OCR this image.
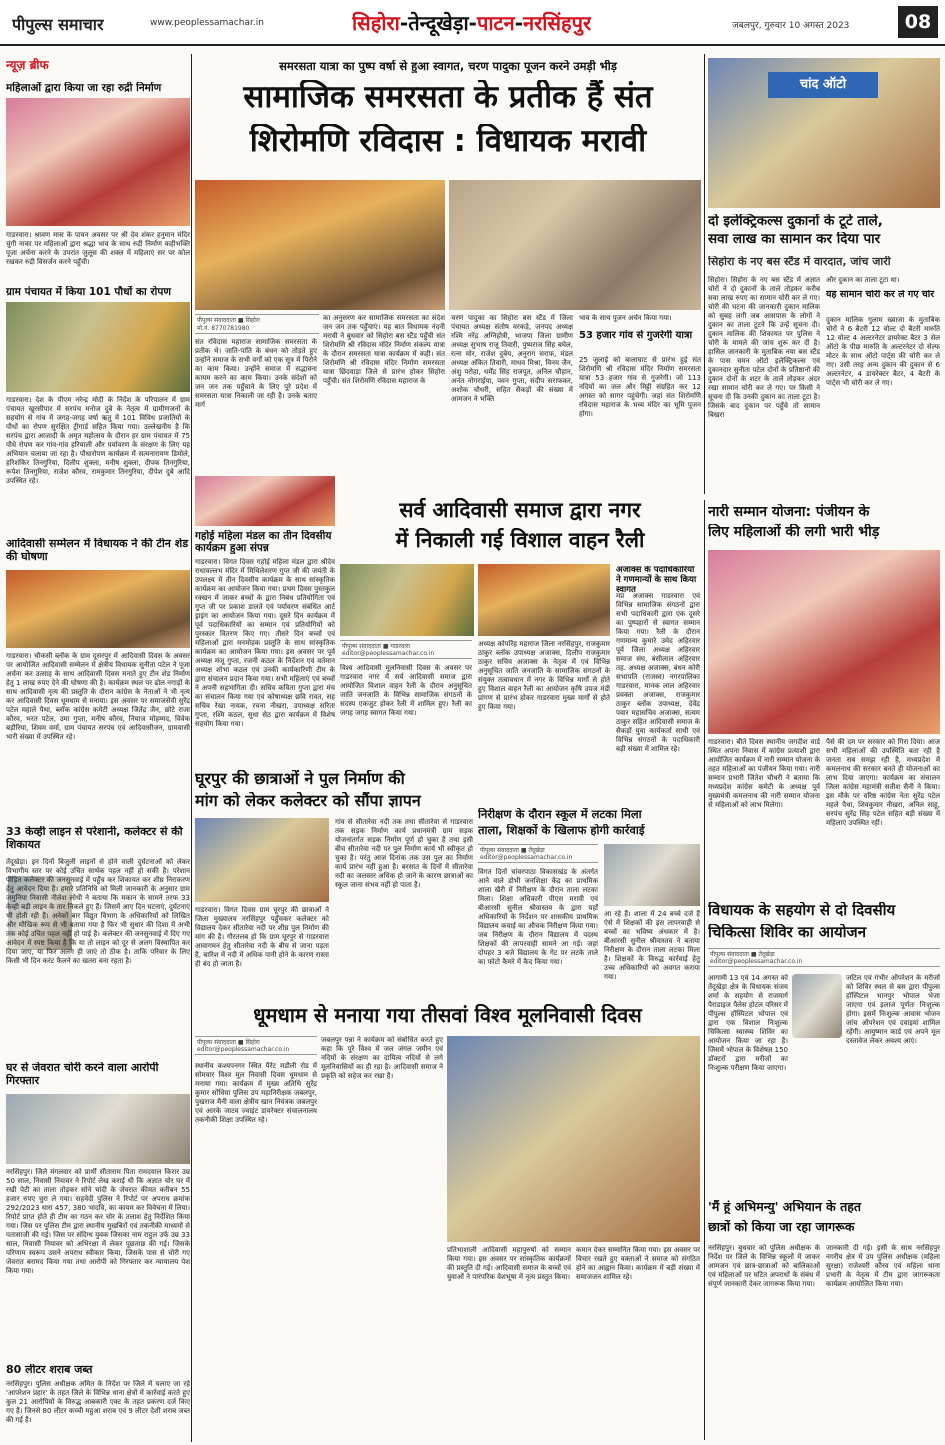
पीपुल्स समाचार	www.peoplessamachar.in	सिहोरा-तेन्दूखेड़ा-पाटन-नरसिंहपुर	जबलपुर, गुरुवार 10 अगस्त 2023	08
न्यूज़ ब्रीफ
महिलाओं द्वारा किया जा रहा रुद्री निर्माण
गाडरवारा। श्रावण मास के पावन अवसर पर श्री देव शंकर हनुमान मंदिर चुंगी नाका पर महिलाओं द्वारा श्रद्धा भाव के साथ रुद्री निर्माण कहीभक्ति पूजा अर्चना करने के उपरांत जुलूस की शक्ल में महिलाएं सर पर कोल रखकर रुद्री विसर्जन करने पहुँची।
ग्राम पंचायत में किया 101 पौधों का रोपण
गाडरवारा। देश के पीएम नरेन्द्र मोदी के निर्देश के परिपालन में ग्राम पंचायत खुरसीपार में सरपंच मनोज दुबे के नेतृत्व में ग्रामीणजनों के सहयोग से गांव में जगह-जगह वर्षा ऋतु में 101 विविध प्रजातियों के पौधों का रोपण सुरक्षित ट्रीगार्ड सहित किया गया। उल्लेखनीय है कि सरपंच द्वारा आजादी के अमृत महोत्सव के दौरान हर ग्राम पंचायत में 75 पौधे रोपण कर गांव-गांव हरियाली और पर्यावरण के संरक्षण के लिए यह अभियान चलाया जा रहा है। पौधारोपण कार्यक्रम में सत्यनारायण डिमोले, हरिशंकिर तिनगुरिया, दिलीप शुक्ला, मनीष शुक्ला, दीपक तिनगुरिया, रूपेश तिनगुरिया, राजेश कौरव, रामकुमार तिनगुरिया, दीपेश दुबे आदि उपस्थित रहे।
आदिवासी सम्मेलन में विधायक ने की टीन शेड की घोषणा
गाडरवारा। चौकसी ब्लॉक के ग्राम दूसरपुर में आदिवासी दिवस के अवसर पर आयोजित आदिवासी सम्मेलन में क्षेत्रीय विधायक सुनीता पटेल ने पूजा अर्चना कर उत्साह के साथ आदिवासी दिवस मनाते हुए टीन शेड निर्माण हेतु 1 लाख रुपए देने की घोषणा की है। कार्यक्रम स्थल पर ढोल नगाड़ों के साथ आदिवासी नृत्य की प्रस्तुति के दौरान कांग्रेस के नेताओं ने भी नृत्य कर आदिवासी दिवस धूमधाम से मनाया। इस अवसर पर समाजसेवी सुरेंद्र पटेल महाले पैथा, ब्लॉक कांग्रेस कमेटी अध्यक्ष जितेंद्र जैन, छोटे राजा कौरव, भरत पटेल, उमा गुप्ता, मनीष कौरव, नियाज मोहम्मद, विवेक बड़ौरिया, शिवम वर्मा, ग्राम पंचायत सरपंच एवं आदिवासीजन, ग्रामवासी भारी संख्या में उपस्थित रहे।
33 केव्ही लाइन से परेशानी, कलेक्टर से की शिकायत
तेंदूखेड़ा। इन दिनों बिजुली लाइनों से होने वाली दुर्घटनाओं को लेकर विभागीय स्तर पर कोई उचित सार्थक पहल नहीं हो सकी है। परेशान पीड़ित कलेक्टर की जनसुनवाई में पहुँच कर शिकायत कर शीघ्र निराकरण हेतु आवेदन दिया है। हमारे प्रतिनिधि को मिली जानकारी के अनुसार ग्राम जमुनिया निवासी नीलेश लोधी ने बताया कि मकान के सामने तरफ 33 केव्ही बड़ी लाइन के तार निकले हुए हैं। जिसमें आए दिन घटनाएं, दुर्घटनाएं भी होती रही हैं। अनेकों बार विद्युत विभाग के अधिकारियों को लिखित और मौखिक रूप से भी बताया गया है फिर भी सुधार की दिशा में अभी तक कोई उचित पहल नहीं हो पाई है। कलेक्टर की जनसुनवाई में दिए गए आवेदन में स्पष्ट किया है कि या तो लाइन को दूर से अलग विस्थापित कर दिया जाए, या फिर अलग ही जाएं तो ठीक है। ताकि परिवार के लिए किसी भी दिन करंट फैलने का खतरा बना रहता है।
घर से जेवरात चोरी करने वाला आरोपी गिरफ्तार
नरसिंहपुर। जिले मंगलवार को प्रार्थी सीताराम पिता रामदयाल किरार उम्र 50 साल, निवासी नियावर ने रिपोर्ट लेख कराई थी कि अज्ञात चोर घर में रखी पेटी का ताला तोड़कर सोने चांदी के जेवरात कीमत करीबन 55 हजार रुपए चुरा ले गया। सहवेदी पुलिस ने रिपोर्ट पर अपराध क्रमांक 292/2023 धारा 457, 380 भादवि, का कायम कर विवेचना में लिया। रिपोर्ट प्राप्त होते ही टीम का गठन कर चोर के तलाश हेतु निर्देशित किया गया। जिस पर पुलिस टीम द्वारा स्थानीय मुखबिरों एवं तकनीकी माध्यमों से पतासाजी की गई। जिस पर संदिग्ध युवक जिसका नाम राहुल उर्फ उम्र 33 साल, निवासी नियावर को अभिरक्षा में लेकर पूछताछ की गई। जिसके परिणाम स्वरूप उसने अपराध स्वीकार किया, जिसके पास से चोरी गए जेवरात बरामद किया गया तथा आरोपी को गिरफ्तार कर न्यायालय पेश किया गया।
80 लीटर शराब जब्त
नरसिंहपुर। पुलिस अधीक्षक अमित के निर्देश पर जिले में चलाए जा रहे 'आपरेशन प्रहार' के तहत जिले के विभिन्न थाना क्षेत्रों में कार्रवाई करते हुए कुल 21 आरोपियों के विरुद्ध आबकारी एक्ट के तहत प्रकरण दर्ज किए गए हैं। जिनसे 80 लीटर कच्ची महुआ शराब एवं 9 लीटर देशी शराब जब्त की गई है।
समरसता यात्रा का पुष्प वर्षा से हुआ स्वागत, चरण पादुका पूजन करने उमड़ी भीड़
सामाजिक समरसता के प्रतीक हैं संत
शिरोमणि रविदास : विधायक मरावी
पीपुल्स संवाददाता ■ सिहोरा
मो.नं. 8770781980
संत रविदास महाराज सामाजिक समरसता के प्रतीक थे। जाति-पांति के बंधन को तोड़ते हुए उन्होंने समाज के सभी वर्गों को एक सूत्र में पिरोने का काम किया। उन्होंने समाज में सद्भावना कायम करने का काम किया। उनके संदेशों को जन जन तक पहुँचाने के लिए पूरे प्रदेश में समरसता यात्रा निकाली जा रही है। उनके बताए मार्ग
का अनुसरण कर सामाजिक समरसता का संदेश जन जन तक पहुँचाएं। यह बात विधायक नंदनी मरावी ने बुधवार को सिहोरा बस स्टैंड पहुँची संत शिरोमणि श्री रविदास मंदिर निर्माण संकल्प यात्रा के दौरान समरसता यात्रा कार्यक्रम में कही। संत शिरोमणि श्री रविदास मंदिर निर्माण समरसता यात्रा छिंदवाड़ा जिले से प्रारंभ होकर सिहोरा पहुँची। संत शिरोमणि रविदास महाराज के
चरण पादुका का सिहोरा बस स्टैंड में जिला पंचायत अध्यक्ष संतोष वरकड़े, जनपद अध्यक्ष रश्मि नरेंद्र अग्निहोत्री, भाजपा जिला ग्रामीण अध्यक्ष सुभाष राजू तिवारी, पुष्पराज सिंह बघेल, रत्ना मोर, राजेश दुबेय, अनुराग सराफ, मंडल अध्यक्ष अंकित तिवारी, माधव मिश्रा, विनय जैन, अंशु परोहा, धर्मेंद्र सिंह राजपूत, अनिल चौहान, अनंत नोगराईया, पवन गुप्ता, संदीप सराफकर, अशोक चौधरी, सहित सैकड़ों की संख्या में आमजन ने भक्ति
भाव के साथ पूजन अर्चन किया गया।
53 हजार गांव से गुजरेगी यात्रा
25 जुलाई को बालाघाट से प्रारंभ हुई संत शिरोमणि श्री रविदास मंदिर निर्माण समरसता यात्रा 53 हजार गांव से गुजरेगी। जो 113 नदियों का जल और मिट्टी संग्रहित कर 12 अगस्त को सागर पहुंचेगी। जहां संत शिरोमणि रविदास महाराज के भव्य मंदिर का भूमि पूजन होगा।
चांद ऑटो
दो इलेक्ट्रिकल्स दुकानों के टूटे ताले,
सवा लाख का सामान कर दिया पार
सिहोरा के नए बस स्टैंड में वारदात, जांच जारी
सिहोरा। सिहोरा के नए बस स्टैंड में अज्ञात चोरों ने दो दुकानों के ताले तोड़कर करीब सवा लाख रुपए का सामान चोरी कर ले गए। चोरी की घटना की जानकारी दुकान मालिक को सुबह लगी जब आसपास के लोगों ने दुकान का ताला टूटने कि उन्हें सूचना दी। दुकान मालिक की शिकायत पर पुलिस ने चोरी के मामले की जांच शुरू कर दी है। हासिल जानकारी के मुताबिक नया बस स्टैंड के पास चमन ऑटो इलेक्ट्रिकल्स एवं दुकानदार सुनीता पटेल दोनों के प्रतिष्ठानों की दुकान दोनों के शटर के ताले तोड़कर अंदर रखा सामान चोरी कर ले गए। पर किसी ने सूचना दी कि उनकी दुकान का ताला टूटा है। जिसके बाद दुकान पर पहुँचे तो सामान बिखरा
और दुकान का ताला टूटा था।
यह सामान चोरी कर ले गए चोर
दुकान मालिक गुलाम ख्वाजा के मुताबिक चोरों ने 6 बैटरी 12 वोल्ट दो बैटरी मारुति 12 वोल्ट 4 अल्टरनेटर डायरेक्ट बैटर 3 सेल ऑटो के पीछ मारुति के अल्टरनेटर दो सेल्फ मोटर के साथ ऑटो पार्ट्स की चोरी कर ले गए। उसी तरह अन्य दुकान की दुकान से 6 अल्टरनेटर, 4 डायरेक्टर बैटर, 4 बैटरी के पार्ट्स भी चोरी कर ले गए।
सर्व आदिवासी समाज द्वारा नगर
में निकाली गई विशाल वाहन रैली
अजाक्स के पदाधिकारियों ने गणमान्यों के साथ किया स्वागत
मप्र अजाक्स गाडरवारा एवं विभिन्न सामाजिक संगठनों द्वारा सभी पदाधिकारी द्वारा एक दूसरे का पुष्पहारों से स्वागत सम्मान किया गया। रैली के दौरान गणमान्य कुमारे उमेद अहिरवार पूर्व जिला अध्यक्ष अहिरवार समाज संघ, बंसीलाल अहिरवार तह. अध्यक्ष अजाक्स, बंधन कोरी सभापति (राजस्व) नगरपालिका गाडरवारा, मानक लाल अहिरवार प्रवक्ता अजाक्स, राजकुमार ठाकुर ब्लॉक उपाध्यक्ष, देवेंद्र पवार महासचिव अजाक्स, सत्यम ठाकुर सहित आदिवासी समाज के सैकड़ों युवा कार्यकर्ता साथी एवं विभिन्न संगठनों के पदाधिकारी बड़ी संख्या में शामिल रहे।
पीपुल्स संवाददाता ■ गाडरवारा
editor@peoplessamachar.co.in
विश्व आदिवासी मूलनिवासी दिवस के अवसर पर गाडरवारा नगर में सर्व आदिवासी समाज द्वारा आयोजित विशाल वाहन रैली के दौरान अनुसूचित जाति जनजाति के विभिन्न सामाजिक संगठनों के सदस्य एकजुट होकर रैली में शामिल हुए। रैली का जगह जगह स्वागत किया गया।
अध्यक्ष कोपरिंह महाराज जिला नरसिंहपुर, राजकुमार ठाकुर ब्लॉक उपाध्यक्ष अजाक्स, दिलीप राजकुमार ठाकुर सचिव अजाक्स के नेतृत्व में एवं विभिन्न अनुसूचित जाति जनजाति के सामाजिक संगठनों के संयुक्त तत्वावधान में नगर के विभिन्न मार्गों से होते हुए विशाल वाहन रैली का आयोजन कृषि उपज मंडी प्रांगण से प्रारंभ होकर गाडरवारा मुख्य मार्गों से होते हुए किया गया।
गहोई महिला मंडल का तीन दिवसीय कार्यक्रम हुआ संपन्न
गाडरवारा। विगत दिवस गहोई महिला मंडल द्वारा श्रीदेव राधावल्लभ मंदिर में मिथिलेशरण गुप्त जी की जयंती के उपलक्ष्य में तीन दिवसीय कार्यक्रम के साथ सांस्कृतिक कार्यक्रम का आयोजन किया गया। प्रथम दिवस पुस्तकुल रक्खन में जाकर बच्चों के द्वारा निबंध प्रतियोगिता एवं गुप्त जी पर प्रकाश डालते एवं पर्यावरण संबंधित आर्ट ड्राइंग का आयोजन किया गया। दूसरे दिन कार्यक्रम में पूर्व पदाधिकारियों का सम्मान एवं प्रतियोगियों को पुरस्कार वितरण किए गए। तीसरे दिन बच्चों एवं महिलाओं द्वारा मनमोहक प्रस्तुति के साथ सांस्कृतिक कार्यक्रम का आयोजन किया गया। इस अवसर पर पूर्व अध्यक्ष मंजू गुप्ता, रजनी कठल के निर्देशन एवं वर्तमान अध्यक्ष शोभा कठल एवं उनकी कार्यकारिणी टीम के द्वारा संचालन प्रदान किया गया। सभी महिलाएं एवं बच्चों ने अपनी सहभागिता दी। सचिव कविता गुप्ता द्वारा मंच का संचालन किया गया एवं कोषाध्यक्ष छवि रावत, सह सचिव रेखा नायक, रचना नीखरा, उपाध्यक्ष सरिता गुप्ता, रश्मि कठल, सुधा सेठ द्वारा कार्यक्रम में विशेष सहयोग किया गया।
निरीक्षण के दौरान स्कूल में लटका मिला
ताला, शिक्षकों के खिलाफ होगी कार्रवाई
पीपुल्स संवाददाता ■ तेंदूखेड़ा
editor@peoplessamachar.co.in
विगत दिनों चांवरपाठा विकासखंड के अंतर्गत आने वाले डोभी जनशिक्षा केंद्र का प्राथमिक शाला खैरी में निरीक्षण के दौरान ताला लटका मिला। शिक्षा अधिकारी पीएस मरावी एवं बीआरसी सुनील श्रीवास्तव के द्वारा यहाँ अधिकारियों के निर्देशन पर शासकीय प्राथमिक विद्यालय कवाई का औचक निरीक्षण किया गया। जब निरीक्षण के दौरान विद्यालय में पदस्थ शिक्षकों की लापरवाही सामने आ गई। जहां दोपहर 3 बजे विद्यालय के गेट पर लटके ताले का फोटो कैमरे में कैद किया गया।
आ रहे हैं। शाला में 24 बच्चे दर्ज हैं ऐसे में शिक्षकों की इस लापरवाही से बच्चों का भविष्य अंधकार में है। बीआरसी सुनील श्रीवास्तव ने बताया निरीक्षण के दौरान ताला लटका मिला है। शिक्षकों के विरुद्ध कार्रवाई हेतु उच्च अधिकारियों को अवगत कराया गया।
घूरपुर की छात्राओं ने पुल निर्माण की
मांग को लेकर कलेक्टर को सौंपा ज्ञापन
गाडरवारा। विगत दिवस ग्राम घूरपुर की छात्राओं ने जिला मुख्यालय नरसिंहपुर पहुँचकर कलेक्टर को विद्यालय देकर सीतारेवा नदी पर शीघ्र पुल निर्माण की मांग की है। गौरतलब हो कि ग्राम घूरपुर से गाडरवारा आवागमन हेतु सीतारेवा नदी के बीच से जाना पड़ता है, बारिश में नदी में अधिक पानी होने के कारण रास्ता ही बंद हो जाता है।
गांव से सीतारेवा नदी तक तथा सीतारेवा से गाडरवारा तक सड़क निर्माण कार्य प्रधानमंत्री ग्राम सड़क योजनांतर्गत सड़क निर्माण पूर्ण हो चुका है तथा इसी बीच सीतारेवा नदी पर पुल निर्माण कार्य भी स्वीकृत हो चुका है। परंतु आज दिनांक तक उस पुल का निर्माण कार्य प्रारंभ नहीं हुआ है। बरसात के दिनों में सीतारेवा नदी का जलस्तर अधिक हो जाने के कारण छात्राओं का स्कूल जाना संभव नहीं हो पाता है।
नारी सम्मान योजना: पंजीयन के
लिए महिलाओं की लगी भारी भीड़
गाडरवारा। बीते दिवस स्थानीय जगदीश वार्ड स्थित अपना निवास में कांग्रेस प्रत्याशी द्वारा आयोजित कार्यक्रम में नारी सम्मान योजना के तहत महिलाओं का पंजीयन किया गया। नारी सम्मान प्रभारी जितेश चौधरी ने बताया कि मध्यप्रदेश कांग्रेस कमेटी के अध्यक्ष पूर्व मुख्यमंत्री कमलनाथ की नारी सम्मान योजना से महिलाओं को लाभ मिलेगा।
पैसे की दम पर सरकार को गिरा दिया। आज सभी महिलाओं की उपस्थिति बता रही है जनता सब समझ रही है, मध्यप्रदेश में कमलनाथ की सरकार बनते ही योजनाओं का लाभ दिया जाएगा। कार्यक्रम का संचालन जिला कांग्रेस महामंत्री सतीश सैनी ने किया। इस मौके पर वरिष्ठ कांग्रेस नेता सुरेंद्र पटेल महले पैथा, शिवकुमार नीखरा, अनिल साहू, सरपंच सुरेंद्र सिंह पटेल सहित बड़ी संख्या में महिलाएं उपस्थित रहीं।
विधायक के सहयोग से दो दिवसीय
चिकित्सा शिविर का आयोजन
पीपुल्स संवाददाता ■ तेंदूखेड़ा
editor@peoplessamachar.co.in
आगामी 13 एवं 14 अगस्त को तेंदूखेड़ा क्षेत्र के विधायक संजय शर्मा के सहयोग से राजमार्ग पैराडाइज पैलेस होटल परिसर में पीपुल्स हॉस्पिटल भोपाल एवं द्वारा एक विशाल निःशुल्क चिकित्सा स्वास्थ्य शिविर का आयोजन किया जा रहा है। जिसमें भोपाल के विशेषज्ञ 150 डॉक्टरों द्वारा मरीजों का निःशुल्क परीक्षण किया जाएगा।
जटिल एवं गंभीर ऑपरेशन के मरीजों को शिविर स्थल से बस द्वारा पीपुल्स हॉस्पिटल भानपुर भोपाल भेजा जाएगा एवं इलाज पूर्णतः निःशुल्क होगा। इसमें निःशुल्क आवास भोजन जांच ऑपरेशन एवं दवाइयां शामिल रहेंगी। आयुष्मान कार्ड एवं अपने मूल दस्तावेज लेकर अवश्य आएं।
'मैं हूं अभिमन्यु' अभियान के तहत
छात्रों को किया जा रहा जागरूक
नरसिंहपुर। बुधवार को पुलिस अधीक्षक के निर्देश पर जिले के विभिन्न स्कूलों में जाकर आमजन एवं छात्र-छात्राओं को बालिकाओं एवं महिलाओं पर घटित अपराधों के संबंध में संपूर्ण जानकारी देकर जागरूक किया गया।
जानकारी दी गई। इसी के साथ नरसिंहपुर नगरीय क्षेत्र में उप पुलिस अधीक्षक (महिला सुरक्षा) राजेश्वरी कौरव एवं महिला थाना प्रभारी के नेतृत्व में टीम द्वारा जागरूकता कार्यक्रम आयोजित किया गया।
धूमधाम से मनाया गया तीसवां विश्व मूलनिवासी दिवस
पीपुल्स संवाददाता ■ सिहोरा
editor@peoplessamachar.co.in
स्थानीय कश्यपनगर स्थित पैरेंट मडौली रोड में सोमवार विश्व मूल निवासी दिवस धूमधाम से मनाया गया। कार्यक्रम में मुख्य अतिथि सुरेंद्र कुमार सोंधिया पुलिस उप महानिरीक्षक जबलपुर, पुखराज मैनी वाला क्षेत्रीय खान नियंत्रक जबलपुर एवं आरके जाटव ज्वाइंट डायरेक्टर संचालनालय तकनीकी शिक्षा उपस्थित रहे।
जबलपुर पन्ना ने कार्यक्रम को संबोधित करते हुए कहा कि पूरे विश्व में जल जंगल जमीन एवं नदियों के संरक्षण का दायित्व नदियों से लगे मूलनिवासियों का ही रहा है। आदिवासी समाज ने प्रकृति को सहेज कर रखा है।
प्रतिभाशाली आदिवासी महापुरुषों को सम्मान किया गया। इस अवसर पर सांस्कृतिक कार्यक्रमों की प्रस्तुति दी गई। आदिवासी समाज के बच्चों एवं युवाओं ने पारंपरिक वेशभूषा में नृत्य प्रस्तुत किया।
कमान देकर सम्मानित किया गया। इस अवसर पर विचार रखते हुए वक्ताओं ने समाज को संगठित होने का आह्वान किया। कार्यक्रम में बड़ी संख्या में समाजजन शामिल रहे।
